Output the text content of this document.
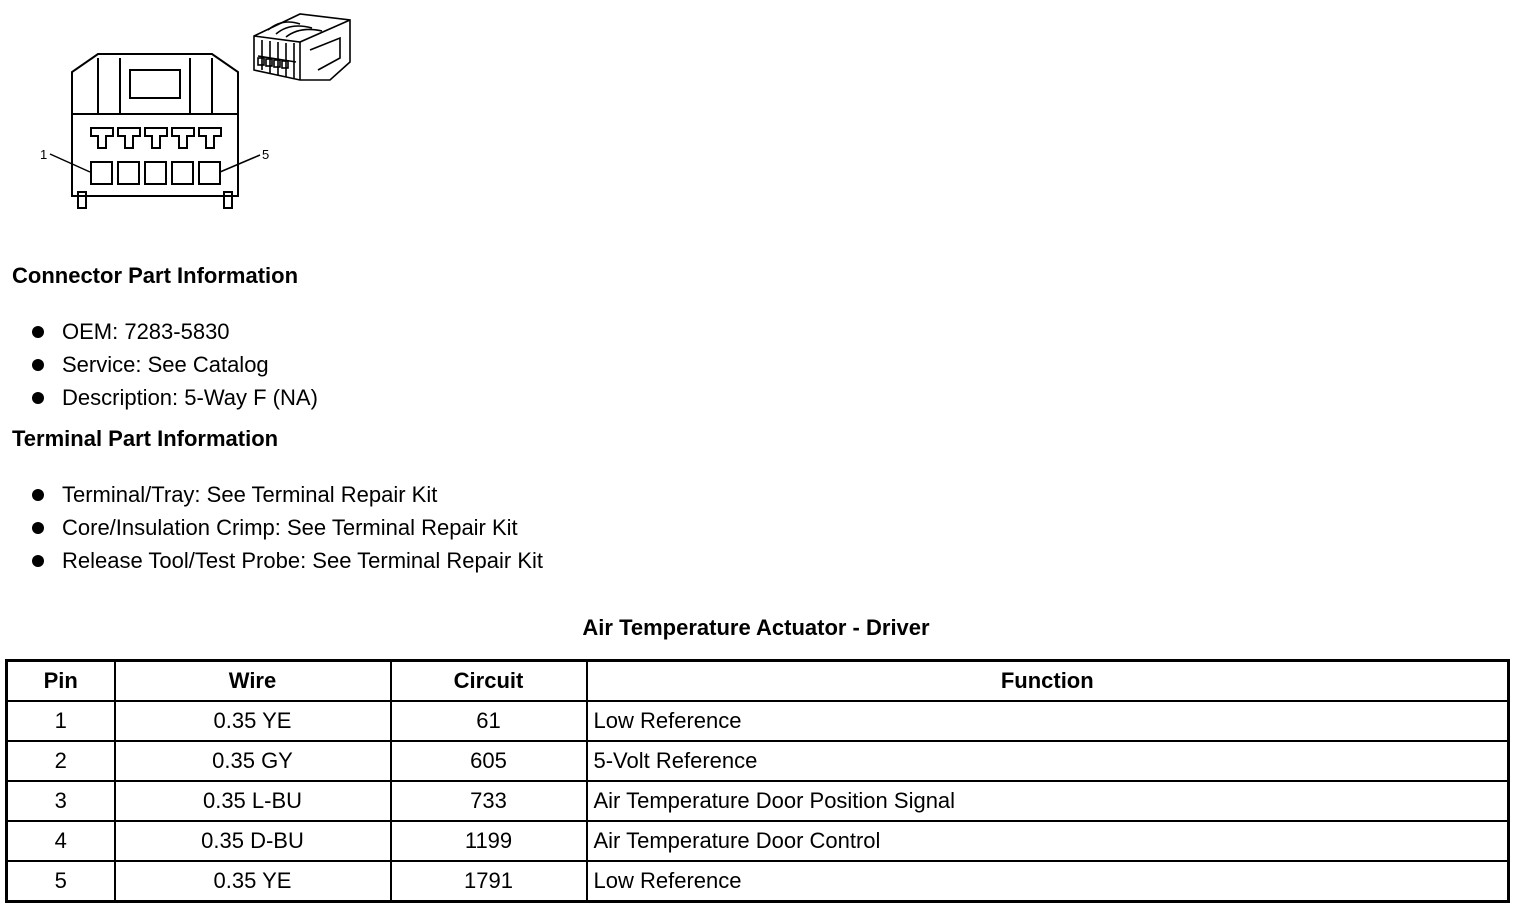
1	5
Connector Part Information
OEM: 7283-5830
Service: See Catalog
Description: 5-Way F (NA)
Terminal Part Information
Terminal/Tray: See Terminal Repair Kit
Core/Insulation Crimp: See Terminal Repair Kit
Release Tool/Test Probe: See Terminal Repair Kit
Air Temperature Actuator - Driver
Pin	Wire	Circuit	Function
1	0.35 YE	61	Low Reference
2	0.35 GY	605	5-Volt Reference
3	0.35 L-BU	733	Air Temperature Door Position Signal
4	0.35 D-BU	1199	Air Temperature Door Control
5	0.35 YE	1791	Low Reference
